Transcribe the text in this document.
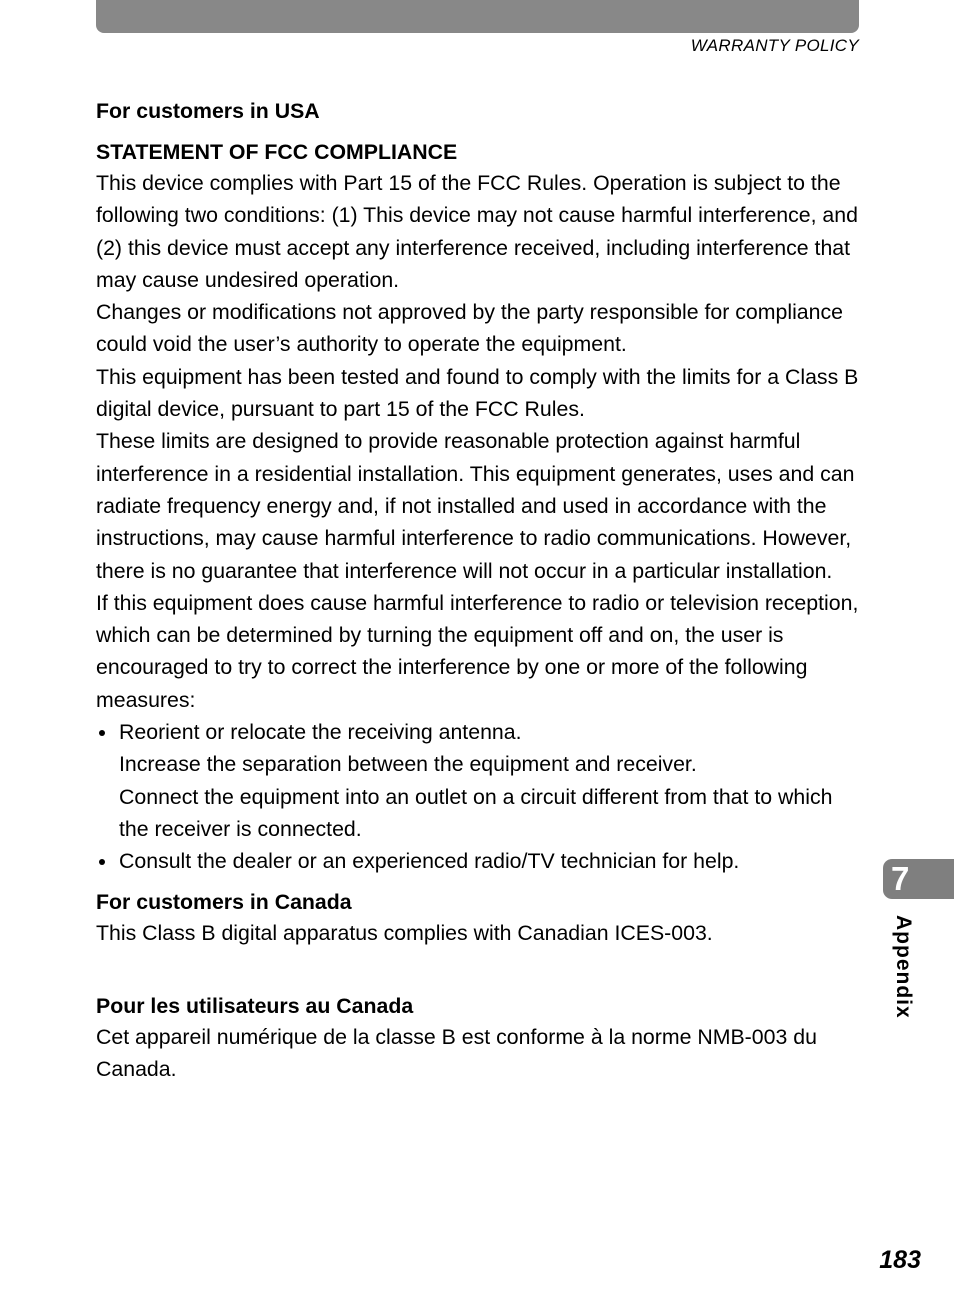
WARRANTY POLICY

For customers in USA

STATEMENT OF FCC COMPLIANCE

This device complies with Part 15 of the FCC Rules. Operation is subject to the following two conditions: (1) This device may not cause harmful interference, and (2) this device must accept any interference received, including interference that may cause undesired operation.

Changes or modifications not approved by the party responsible for compliance could void the user’s authority to operate the equipment.

This equipment has been tested and found to comply with the limits for a Class B digital device, pursuant to part 15 of the FCC Rules.

These limits are designed to provide reasonable protection against harmful interference in a residential installation. This equipment generates, uses and can radiate frequency energy and, if not installed and used in accordance with the instructions, may cause harmful interference to radio communications. However, there is no guarantee that interference will not occur in a particular installation.

If this equipment does cause harmful interference to radio or television reception, which can be determined by turning the equipment off and on, the user is encouraged to try to correct the interference by one or more of the following measures:

Reorient or relocate the receiving antenna.
Increase the separation between the equipment and receiver.
Connect the equipment into an outlet on a circuit different from that to which the receiver is connected.
Consult the dealer or an experienced radio/TV technician for help.

For customers in Canada

This Class B digital apparatus complies with Canadian ICES-003.

Pour les utilisateurs au Canada

Cet appareil numérique de la classe B est conforme à la norme NMB-003 du Canada.

7
Appendix
183
